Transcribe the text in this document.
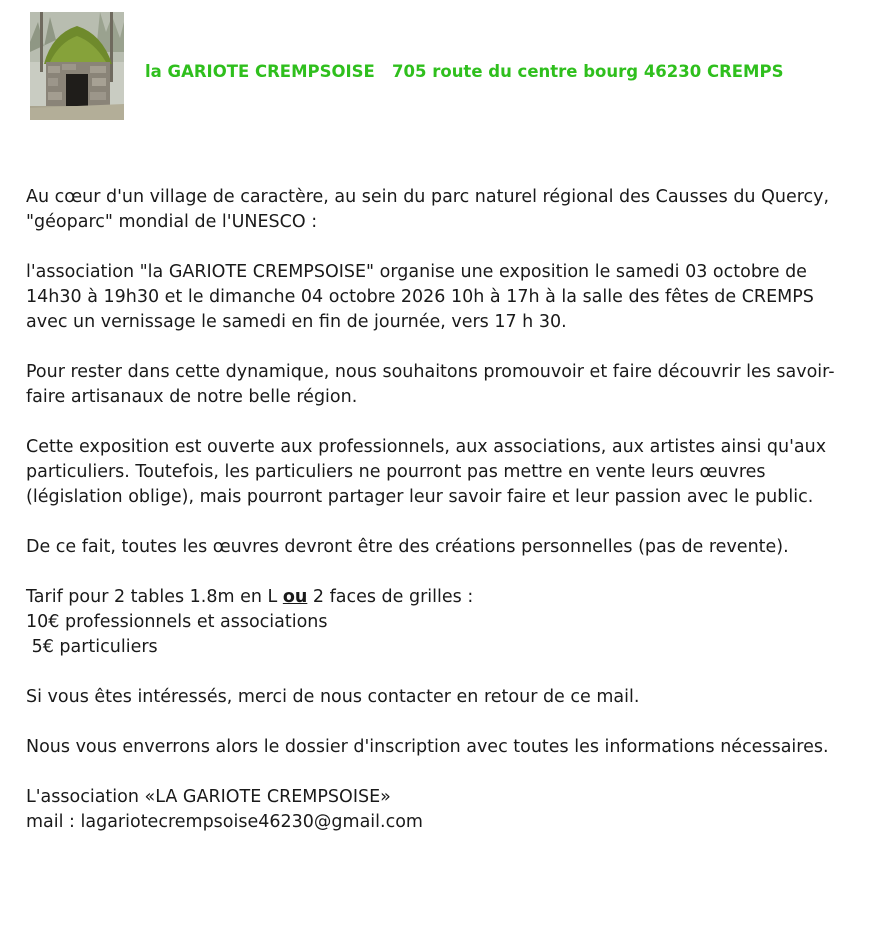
la GARIOTE CREMPSOISE 705 route du centre bourg 46230 CREMPS

Au cœur d'un village de caractère, au sein du parc naturel régional des Causses du Quercy, "géoparc" mondial de l'UNESCO :

l'association "la GARIOTE CREMPSOISE" organise une exposition le samedi 03 octobre de 14h30 à 19h30 et le dimanche 04 octobre 2026 10h à 17h à la salle des fêtes de CREMPS avec un vernissage le samedi en fin de journée, vers 17 h 30.

Pour rester dans cette dynamique, nous souhaitons promouvoir et faire découvrir les savoir-faire artisanaux de notre belle région.

Cette exposition est ouverte aux professionnels, aux associations, aux artistes ainsi qu'aux particuliers. Toutefois, les particuliers ne pourront pas mettre en vente leurs œuvres (législation oblige), mais pourront partager leur savoir faire et leur passion avec le public.

De ce fait, toutes les œuvres devront être des créations personnelles (pas de revente).

Tarif pour 2 tables 1.8m en L ou 2 faces de grilles :

10€ professionnels et associations

5€ particuliers

Si vous êtes intéressés, merci de nous contacter en retour de ce mail.

Nous vous enverrons alors le dossier d'inscription avec toutes les informations nécessaires.

L'association «LA GARIOTE CREMPSOISE»

mail : lagariotecrempsoise46230@gmail.com
